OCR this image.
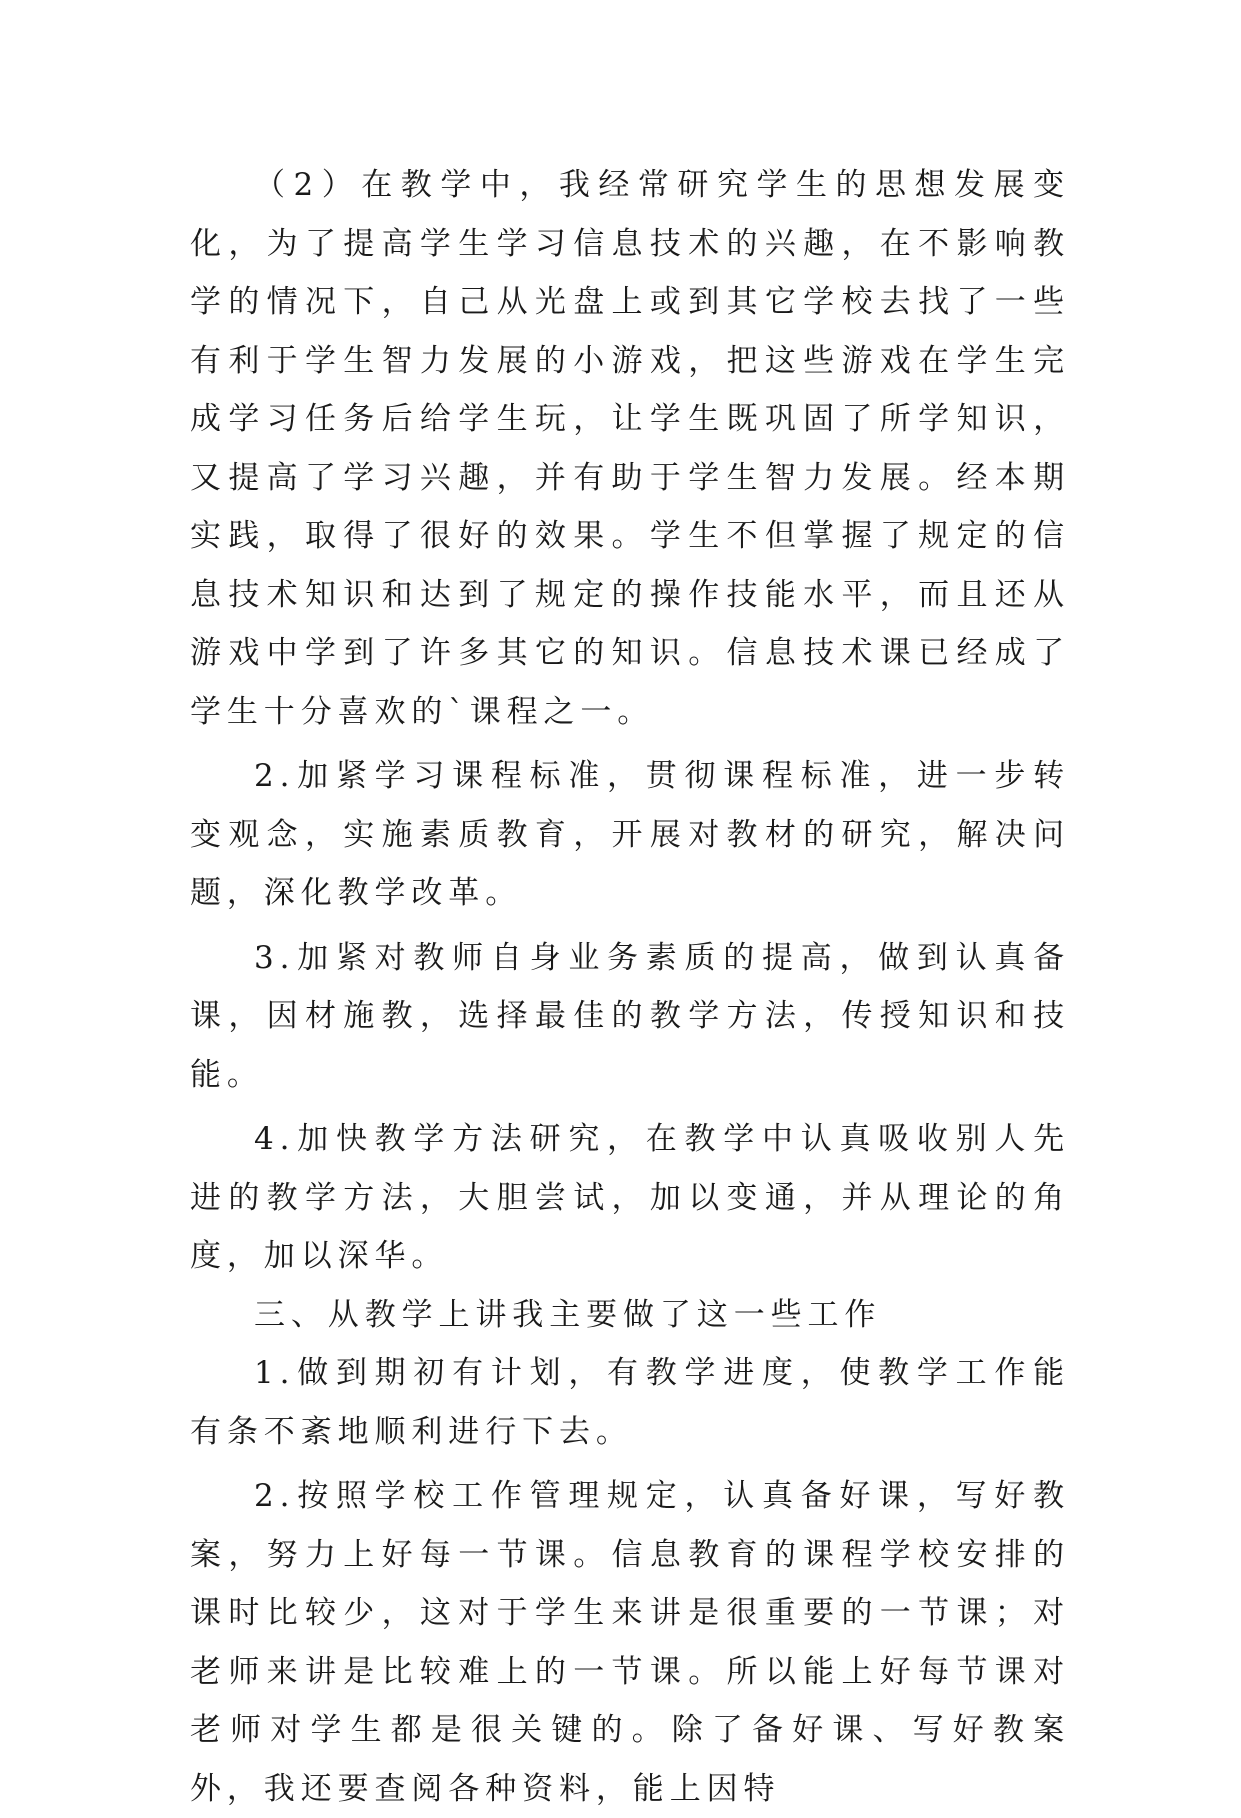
（2）在教学中，我经常研究学生的思想发展变化，为了提高学生学习信息技术的兴趣，在不影响教学的情况下，自己从光盘上或到其它学校去找了一些有利于学生智力发展的小游戏，把这些游戏在学生完成学习任务后给学生玩，让学生既巩固了所学知识，又提高了学习兴趣，并有助于学生智力发展。经本期实践，取得了很好的效果。学生不但掌握了规定的信息技术知识和达到了规定的操作技能水平，而且还从游戏中学到了许多其它的知识。信息技术课已经成了学生十分喜欢的`课程之一。

2.加紧学习课程标准，贯彻课程标准，进一步转变观念，实施素质教育，开展对教材的研究，解决问题，深化教学改革。

3.加紧对教师自身业务素质的提高，做到认真备课，因材施教，选择最佳的教学方法，传授知识和技能。

4.加快教学方法研究，在教学中认真吸收别人先进的教学方法，大胆尝试，加以变通，并从理论的角度，加以深华。

三、从教学上讲我主要做了这一些工作

1.做到期初有计划，有教学进度，使教学工作能有条不紊地顺利进行下去。

2.按照学校工作管理规定，认真备好课，写好教案，努力上好每一节课。信息教育的课程学校安排的课时比较少，这对于学生来讲是很重要的一节课；对老师来讲是比较难上的一节课。所以能上好每节课对老师对学生都是很关键的。除了备好课、写好教案外，我还要查阅各种资料，能上因特
